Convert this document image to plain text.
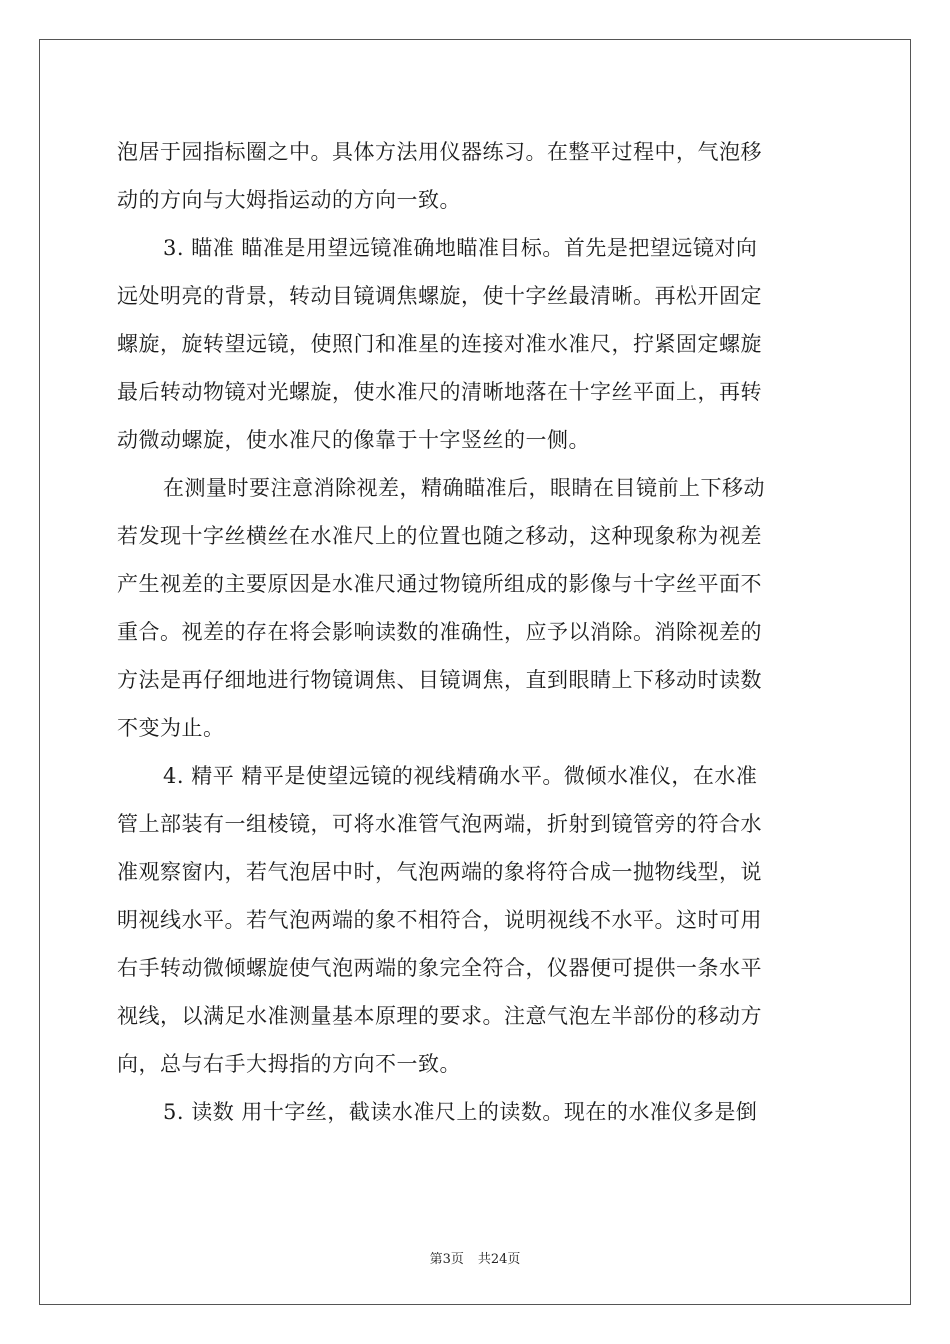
泡居于园指标圈之中。具体方法用仪器练习。在整平过程中，气泡移
动的方向与大姆指运动的方向一致。
3. 瞄准 瞄准是用望远镜准确地瞄准目标。首先是把望远镜对向
远处明亮的背景，转动目镜调焦螺旋，使十字丝最清晰。再松开固定
螺旋，旋转望远镜，使照门和准星的连接对准水准尺，拧紧固定螺旋
最后转动物镜对光螺旋，使水准尺的清晰地落在十字丝平面上，再转
动微动螺旋，使水准尺的像靠于十字竖丝的一侧。
在测量时要注意消除视差，精确瞄准后，眼睛在目镜前上下移动
若发现十字丝横丝在水准尺上的位置也随之移动，这种现象称为视差
产生视差的主要原因是水准尺通过物镜所组成的影像与十字丝平面不
重合。视差的存在将会影响读数的准确性，应予以消除。消除视差的
方法是再仔细地进行物镜调焦、目镜调焦，直到眼睛上下移动时读数
不变为止。
4. 精平 精平是使望远镜的视线精确水平。微倾水准仪，在水准
管上部装有一组棱镜，可将水准管气泡两端，折射到镜管旁的符合水
准观察窗内，若气泡居中时，气泡两端的象将符合成一抛物线型，说
明视线水平。若气泡两端的象不相符合，说明视线不水平。这时可用
右手转动微倾螺旋使气泡两端的象完全符合，仪器便可提供一条水平
视线，以满足水准测量基本原理的要求。注意气泡左半部份的移动方
向，总与右手大拇指的方向不一致。
5. 读数 用十字丝，截读水准尺上的读数。现在的水准仪多是倒
第3页 共24页
